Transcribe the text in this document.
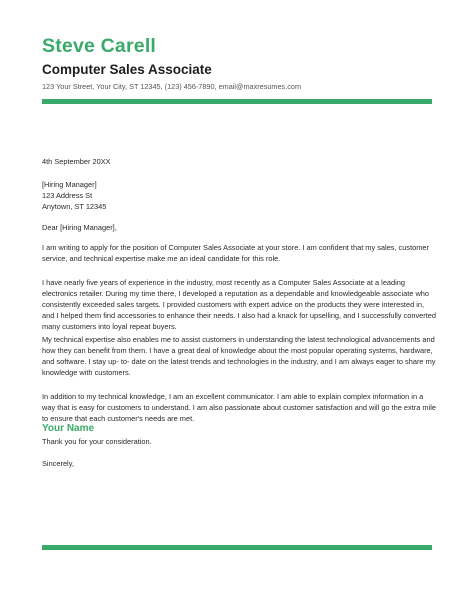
Steve Carell
Computer Sales Associate
123 Your Street, Your City, ST 12345, (123) 456-7890, email@maxresumes.com

4th September 20XX

[Hiring Manager]

123 Address St

Anytown, ST 12345

Dear [Hiring Manager],

I am writing to apply for the position of Computer Sales Associate at your store. I am confident that my sales, customer service, and technical expertise make me an ideal candidate for this role.

I have nearly five years of experience in the industry, most recently as a Computer Sales Associate at a leading electronics retailer. During my time there, I developed a reputation as a dependable and knowledgeable associate who consistently exceeded sales targets. I provided customers with expert advice on the products they were interested in, and I helped them find accessories to enhance their needs. I also had a knack for upselling, and I successfully converted many customers into loyal repeat buyers.

My technical expertise also enables me to assist customers in understanding the latest technological advancements and how they can benefit from them. I have a great deal of knowledge about the most popular operating systems, hardware, and software. I stay up- to- date on the latest trends and technologies in the industry, and I am always eager to share my knowledge with customers.

In addition to my technical knowledge, I am an excellent communicator. I am able to explain complex information in a way that is easy for customers to understand. I am also passionate about customer satisfaction and will go the extra mile to ensure that each customer's needs are met.

Thank you for your consideration.

Sincerely,

Your Name
